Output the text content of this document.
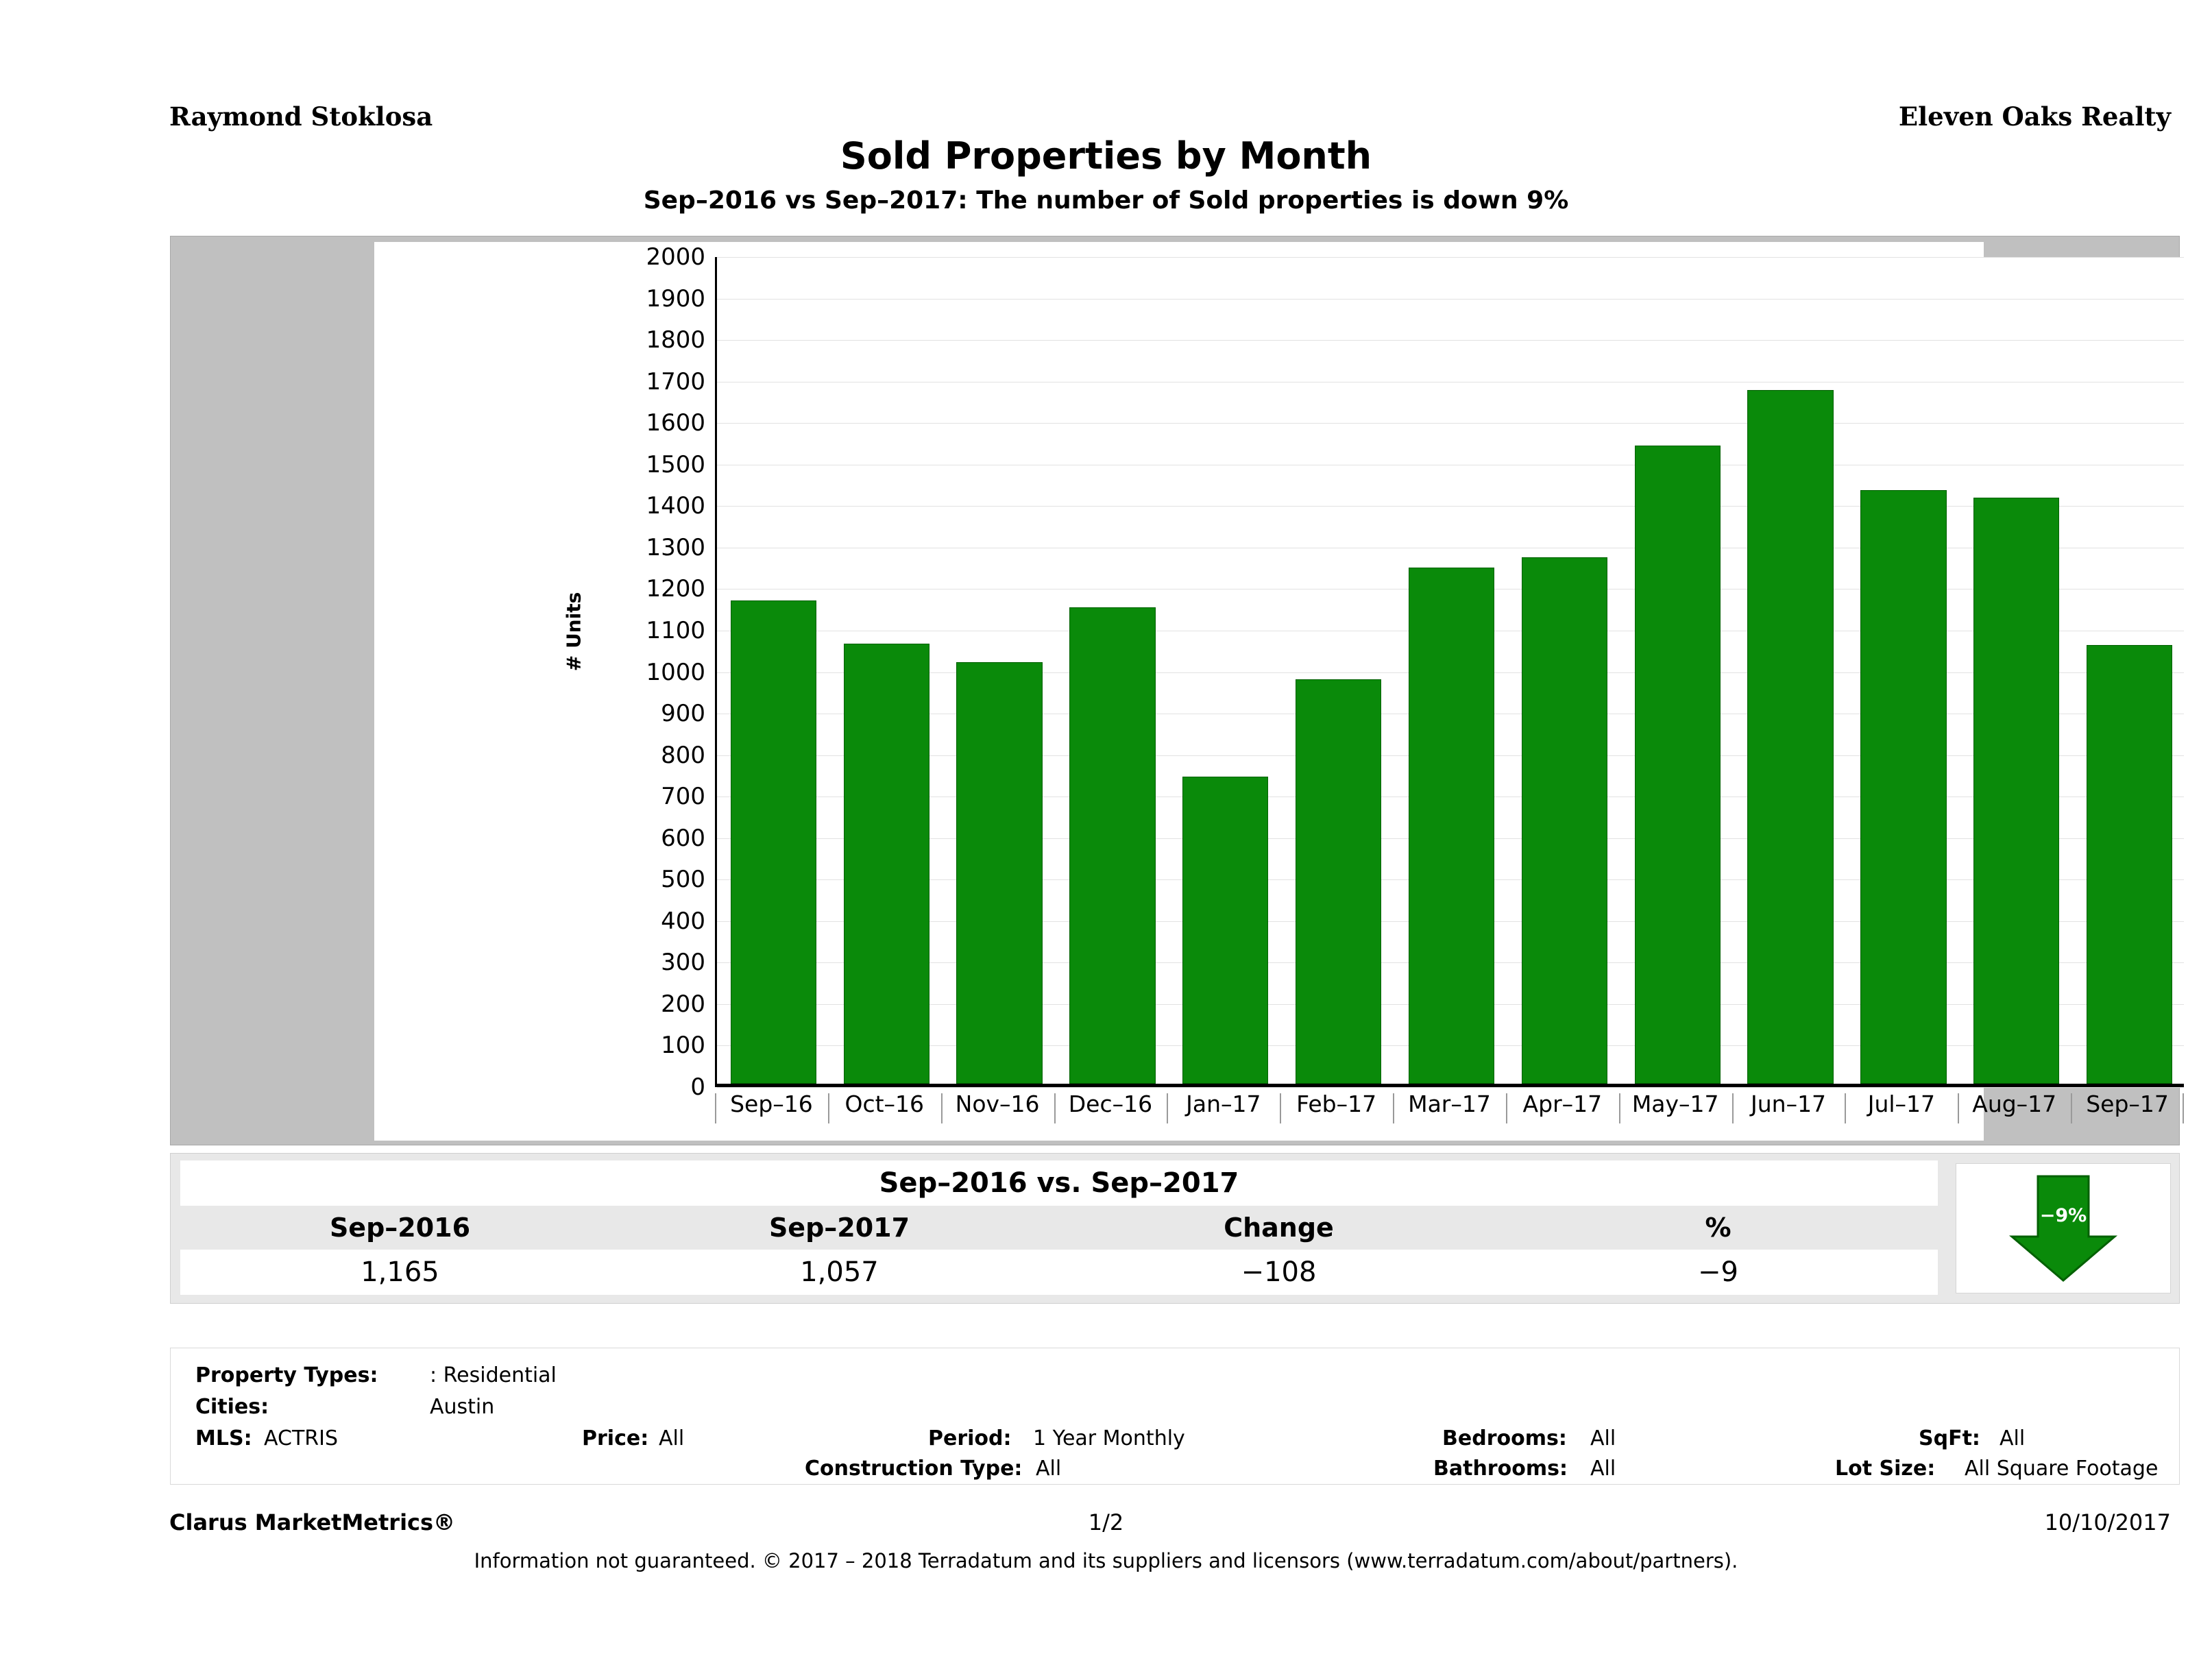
Raymond Stoklosa	Eleven Oaks Realty
Sold Properties by Month
Sep–2016 vs Sep–2017: The number of Sold properties is down 9%
# Units
0
100
200
300
400
500
600
700
800
900
1000
1100
1200
1300
1400
1500
1600
1700
1800
1900
2000
Sep–16	Oct–16	Nov–16	Dec–16	Jan–17	Feb–17	Mar–17	Apr–17	May–17	Jun–17	Jul–17	Aug–17	Sep–17
Sep–2016 vs. Sep–2017
Sep–2016	Sep–2017	Change	%
1,165	1,057	−108	−9
−9%
Property Types:	: Residential
Cities:	Austin
MLS: ACTRIS	Price: All	Period: 1 Year Monthly	Bedrooms: All	SqFt: All
Construction Type: All	Bathrooms: All	Lot Size: All Square Footage
Clarus MarketMetrics®	1/2	10/10/2017
Information not guaranteed. © 2017 – 2018 Terradatum and its suppliers and licensors (www.terradatum.com/about/partners).
